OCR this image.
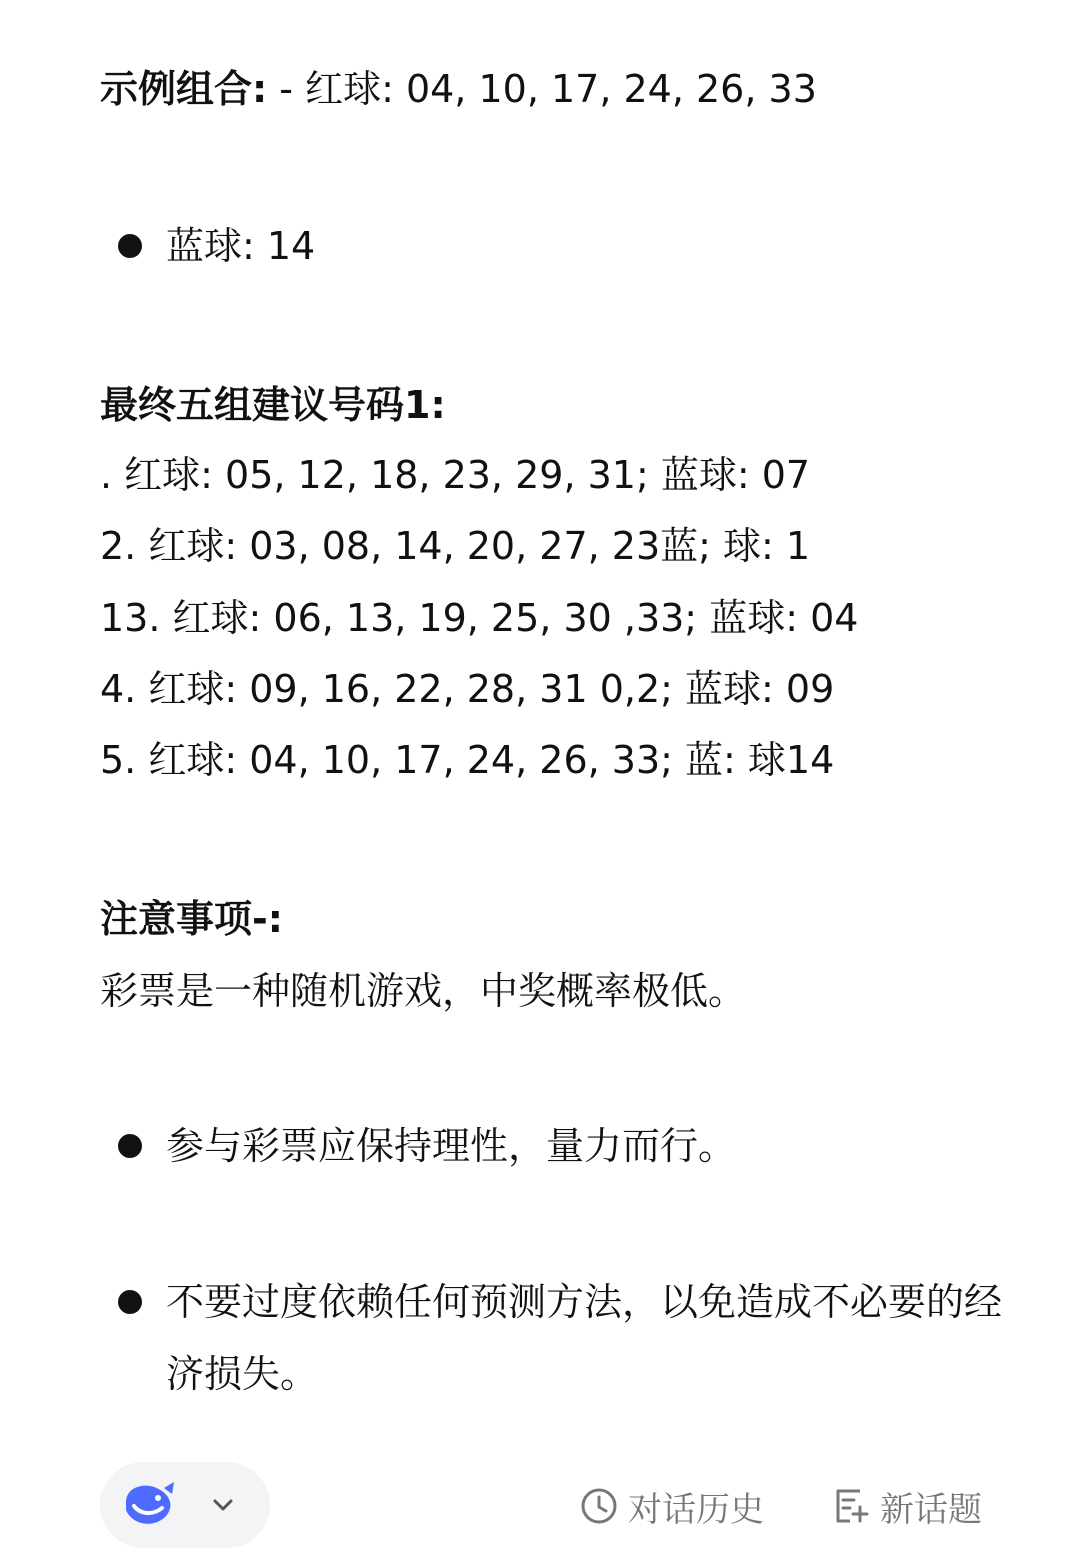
示例组合: - 红球: 04, 10, 17, 24, 26, 33
蓝球: 14
最终五组建议号码1:
. 红球: 05, 12, 18, 23, 29, 31; 蓝球: 07
2. 红球: 03, 08, 14, 20, 27, 23蓝; 球: 1
13. 红球: 06, 13, 19, 25, 30 ,33; 蓝球: 04
4. 红球: 09, 16, 22, 28, 31 0,2; 蓝球: 09
5. 红球: 04, 10, 17, 24, 26, 33; 蓝: 球14
注意事项-:
彩票是一种随机游戏，中奖概率极低。
参与彩票应保持理性，量力而行。
不要过度依赖任何预测方法，以免造成不必要的经济损失。
对话历史	新话题
